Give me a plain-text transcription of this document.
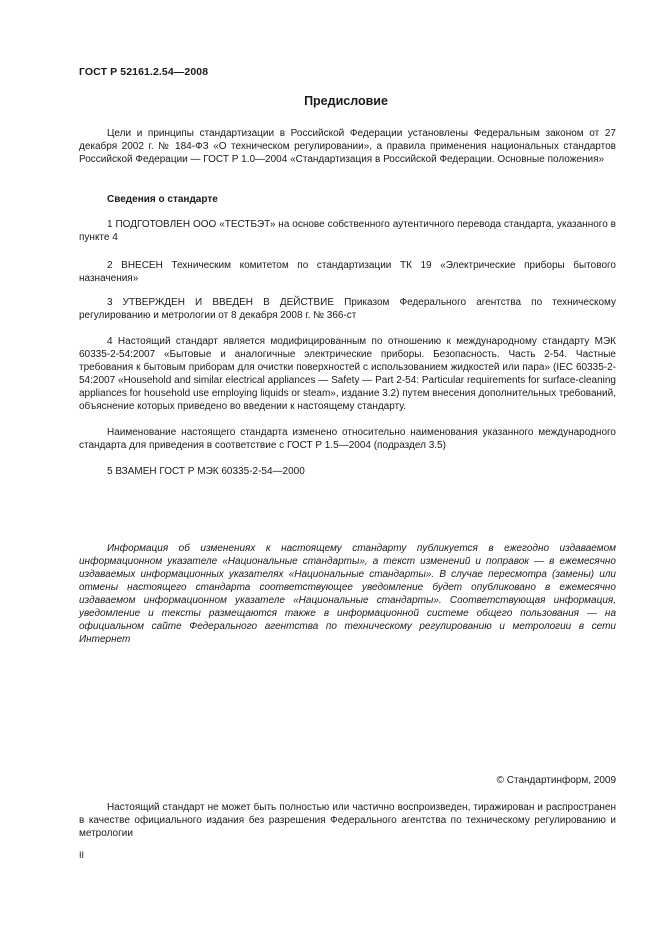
ГОСТ Р 52161.2.54—2008
Предисловие
Цели и принципы стандартизации в Российской Федерации установлены Федеральным законом от 27 декабря 2002 г. № 184-ФЗ «О техническом регулировании», а правила применения национальных стандартов Российской Федерации — ГОСТ Р 1.0—2004 «Стандартизация в Российской Федерации. Основные положения»
Сведения о стандарте
1 ПОДГОТОВЛЕН ООО «ТЕСТБЭТ» на основе собственного аутентичного перевода стандарта, указанного в пункте 4
2 ВНЕСЕН Техническим комитетом по стандартизации ТК 19 «Электрические приборы бытового назначения»
3 УТВЕРЖДЕН И ВВЕДЕН В ДЕЙСТВИЕ Приказом Федерального агентства по техническому регулированию и метрологии от 8 декабря 2008 г. № 366-ст
4 Настоящий стандарт является модифицированным по отношению к международному стандарту МЭК 60335-2-54:2007 «Бытовые и аналогичные электрические приборы. Безопасность. Часть 2-54. Частные требования к бытовым приборам для очистки поверхностей с использованием жидкостей или пара» (IEC 60335-2-54:2007 «Household and similar electrical appliances — Safety — Part 2-54: Particular requirements for surface-cleaning appliances for household use employing liquids or steam», издание 3.2) путем внесения дополнительных требований, объяснение которых приведено во введении к настоящему стандарту.
Наименование настоящего стандарта изменено относительно наименования указанного международного стандарта для приведения в соответствие с ГОСТ Р 1.5—2004 (подраздел 3.5)
5 ВЗАМЕН ГОСТ Р МЭК 60335-2-54—2000
Информация об изменениях к настоящему стандарту публикуется в ежегодно издаваемом информационном указателе «Национальные стандарты», а текст изменений и поправок — в ежемесячно издаваемых информационных указателях «Национальные стандарты». В случае пересмотра (замены) или отмены настоящего стандарта соответствующее уведомление будет опубликовано в ежемесячно издаваемом информационном указателе «Национальные стандарты». Соответствующая информация, уведомление и тексты размещаются также в информационной системе общего пользования — на официальном сайте Федерального агентства по техническому регулированию и метрологии в сети Интернет
© Стандартинформ, 2009
Настоящий стандарт не может быть полностью или частично воспроизведен, тиражирован и распространен в качестве официального издания без разрешения Федерального агентства по техническому регулированию и метрологии
II
